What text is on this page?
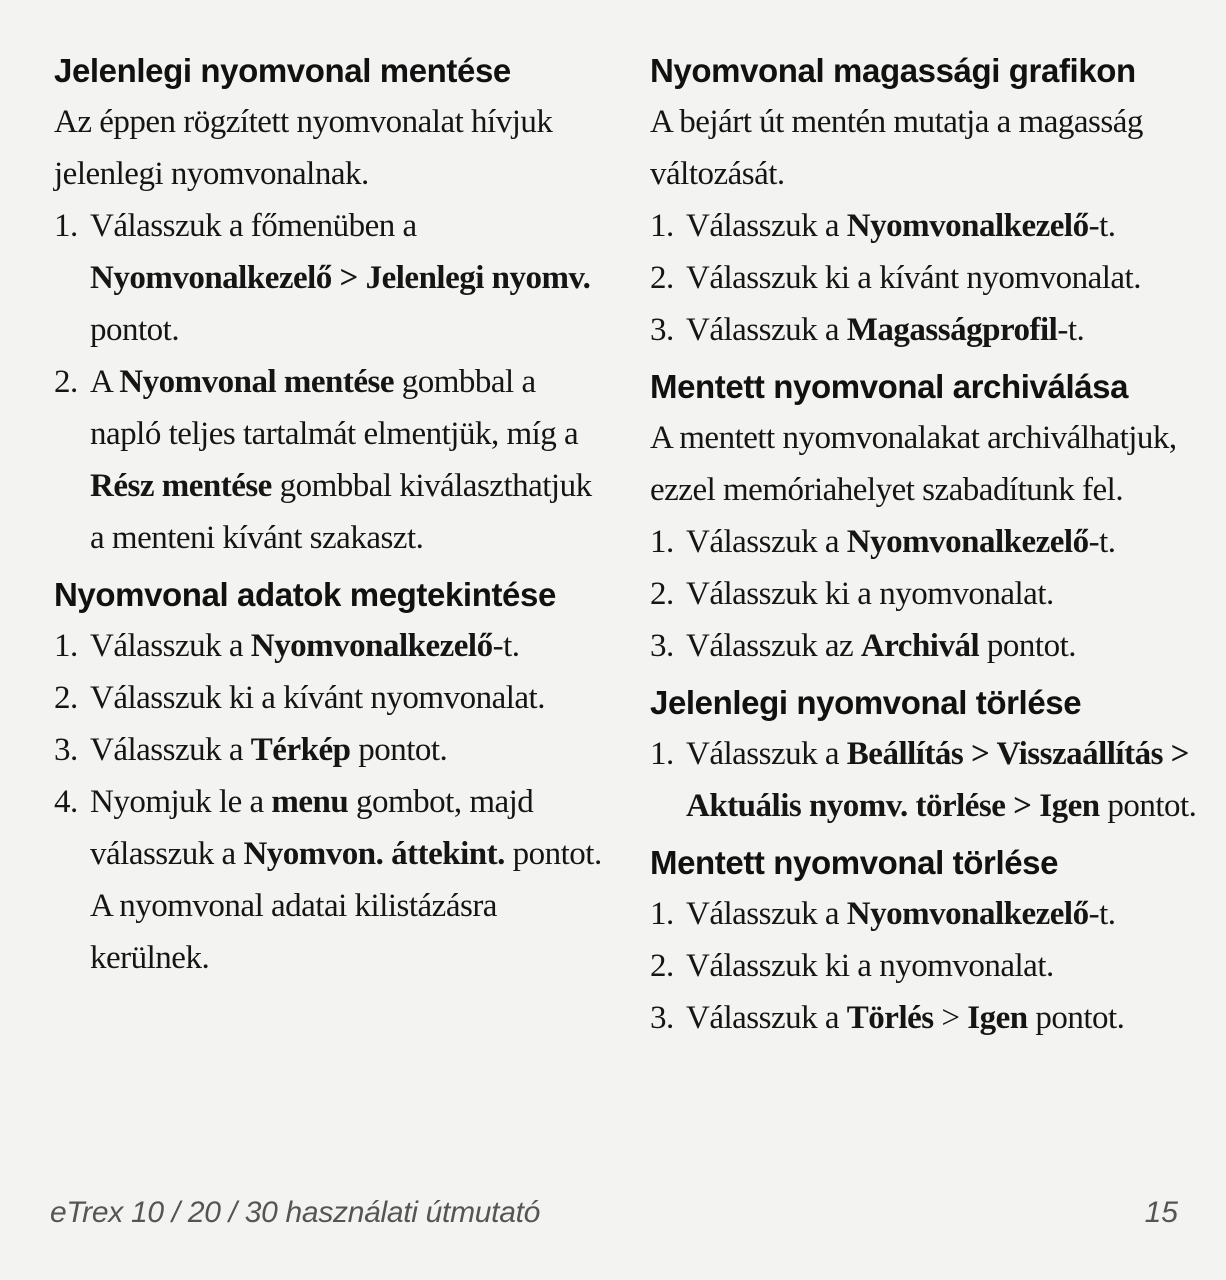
Jelenlegi nyomvonal mentése

Az éppen rögzített nyomvonalat hívjuk jelenlegi nyomvonalnak.

1. Válasszuk a főmenüben a Nyomvonalkezelő > Jelenlegi nyomv. pontot.
2. A Nyomvonal mentése gombbal a napló teljes tartalmát elmentjük, míg a Rész mentése gombbal kiválaszthatjuk a menteni kívánt szakaszt.
Nyomvonal adatok megtekintése
1. Válasszuk a Nyomvonalkezelő-t.
2. Válasszuk ki a kívánt nyomvonalat.
3. Válasszuk a Térkép pontot.
4. Nyomjuk le a menu gombot, majd válasszuk a Nyomvon. áttekint. pontot.

A nyomvonal adatai kilistázásra kerülnek.

Nyomvonal magassági grafikon

A bejárt út mentén mutatja a magasság változását.

1. Válasszuk a Nyomvonalkezelő-t.
2. Válasszuk ki a kívánt nyomvonalat.
3. Válasszuk a Magasságprofil-t.
Mentett nyomvonal archiválása

A mentett nyomvonalakat archiválhatjuk, ezzel memóriahelyet szabadítunk fel.

1. Válasszuk a Nyomvonalkezelő-t.
2. Válasszuk ki a nyomvonalat.
3. Válasszuk az Archivál pontot.
Jelenlegi nyomvonal törlése
1. Válasszuk a Beállítás > Visszaállítás > Aktuális nyomv. törlése > Igen pontot.
Mentett nyomvonal törlése
1. Válasszuk a Nyomvonalkezelő-t.
2. Válasszuk ki a nyomvonalat.
3. Válasszuk a Törlés > Igen pontot.
eTrex 10 / 20 / 30 használati útmutató	15
